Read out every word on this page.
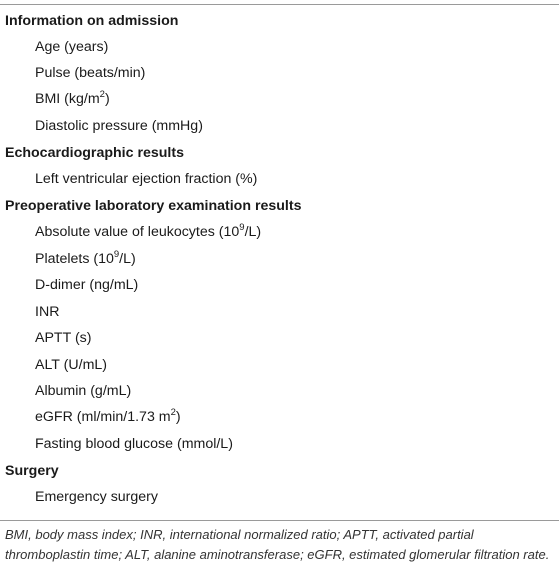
Information on admission
Age (years)
Pulse (beats/min)
BMI $(kg/m^2)$
Diastolic pressure (mmHg)
Echocardiographic results
Left ventricular ejection fraction (%)
Preoperative laboratory examination results
Absolute value of leukocytes $(10^9/L)$
Platelets $(10^9/L)$
D-dimer (ng/mL)
INR
APTT (s)
ALT (U/mL)
Albumin (g/mL)
eGFR (ml/min/1.73 $m^2$)
Fasting blood glucose (mmol/L)
Surgery
Emergency surgery
BMI, body mass index; INR, international normalized ratio; APTT, activated partial thromboplastin time; ALT, alanine aminotransferase; eGFR, estimated glomerular filtration rate.
